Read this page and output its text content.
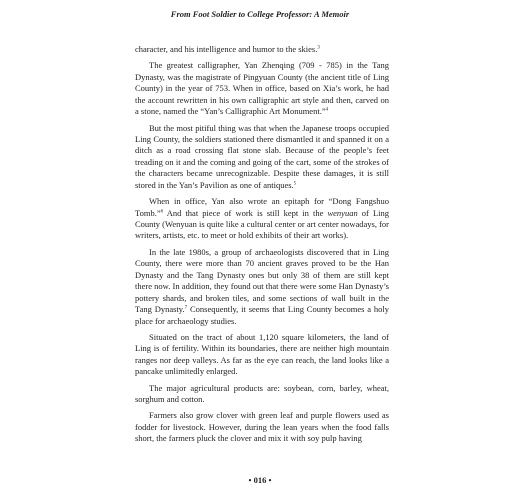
From Foot Soldier to College Professor: A Memoir

character, and his intelligence and humor to the skies.$^3$

The greatest calligrapher, Yan Zhenqing (709 - 785) in the Tang Dynasty, was the magistrate of Pingyuan County (the ancient title of Ling County) in the year of 753. When in office, based on Xia’s work, he had the account rewritten in his own calligraphic art style and then, carved on a stone, named the “Yan’s Calligraphic Art Monument.”$^4$

But the most pitiful thing was that when the Japanese troops occupied Ling County, the soldiers stationed there dismantled it and spanned it on a ditch as a road crossing flat stone slab. Because of the people’s feet treading on it and the coming and going of the cart, some of the strokes of the characters became unrecognizable. Despite these damages, it is still stored in the Yan’s Pavilion as one of antiques.$^5$

When in office, Yan also wrote an epitaph for “Dong Fangshuo Tomb.”$^6$ And that piece of work is still kept in the wenyuan of Ling County (Wenyuan is quite like a cultural center or art center nowadays, for writers, artists, etc. to meet or hold exhibits of their art works).

In the late 1980s, a group of archaeologists discovered that in Ling County, there were more than 70 ancient graves proved to be the Han Dynasty and the Tang Dynasty ones but only 38 of them are still kept there now. In addition, they found out that there were some Han Dynasty’s pottery shards, and broken tiles, and some sections of wall built in the Tang Dynasty.$^7$ Consequently, it seems that Ling County becomes a holy place for archaeology studies.

Situated on the tract of about 1,120 square kilometers, the land of Ling is of fertility. Within its boundaries, there are neither high mountain ranges nor deep valleys. As far as the eye can reach, the land looks like a pancake unlimitedly enlarged.

The major agricultural products are: soybean, corn, barley, wheat, sorghum and cotton.

Farmers also grow clover with green leaf and purple flowers used as fodder for livestock. However, during the lean years when the food falls short, the farmers pluck the clover and mix it with soy pulp having

• 016 •
